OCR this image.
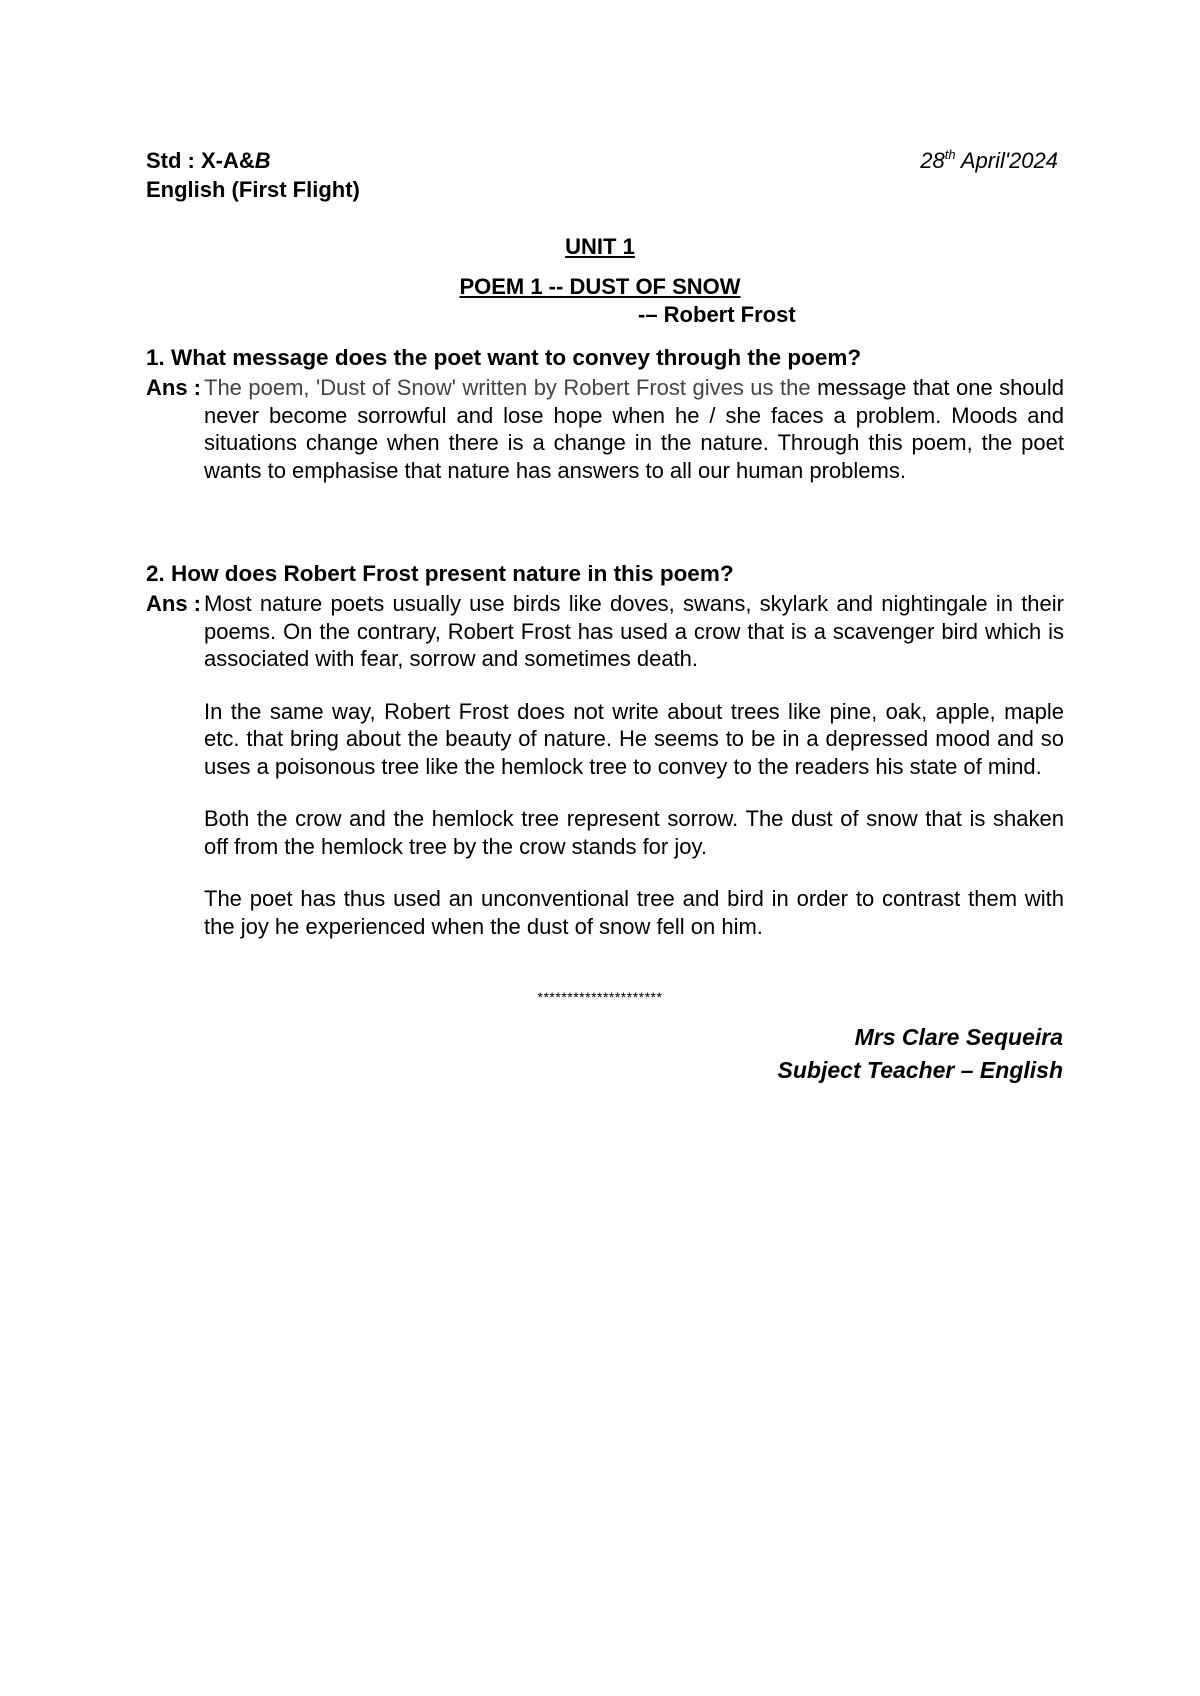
Std : X-A&B
English (First Flight)
28th April'2024
UNIT 1
POEM 1 -- DUST OF SNOW
-– Robert Frost
1. What message does the poet want to convey through the poem?
Ans : The poem, 'Dust of Snow' written by Robert Frost gives us the message that one should never become sorrowful and lose hope when he / she faces a problem. Moods and situations change when there is a change in the nature. Through this poem, the poet wants to emphasise that nature has answers to all our human problems.

2. How does Robert Frost present nature in this poem?
Ans : Most nature poets usually use birds like doves, swans, skylark and nightingale in their poems. On the contrary, Robert Frost has used a crow that is a scavenger bird which is associated with fear, sorrow and sometimes death.

In the same way, Robert Frost does not write about trees like pine, oak, apple, maple etc. that bring about the beauty of nature. He seems to be in a depressed mood and so uses a poisonous tree like the hemlock tree to convey to the readers his state of mind.

Both the crow and the hemlock tree represent sorrow. The dust of snow that is shaken off from the hemlock tree by the crow stands for joy.

The poet has thus used an unconventional tree and bird in order to contrast them with the joy he experienced when the dust of snow fell on him.

*********************
Mrs Clare Sequeira
Subject Teacher – English
